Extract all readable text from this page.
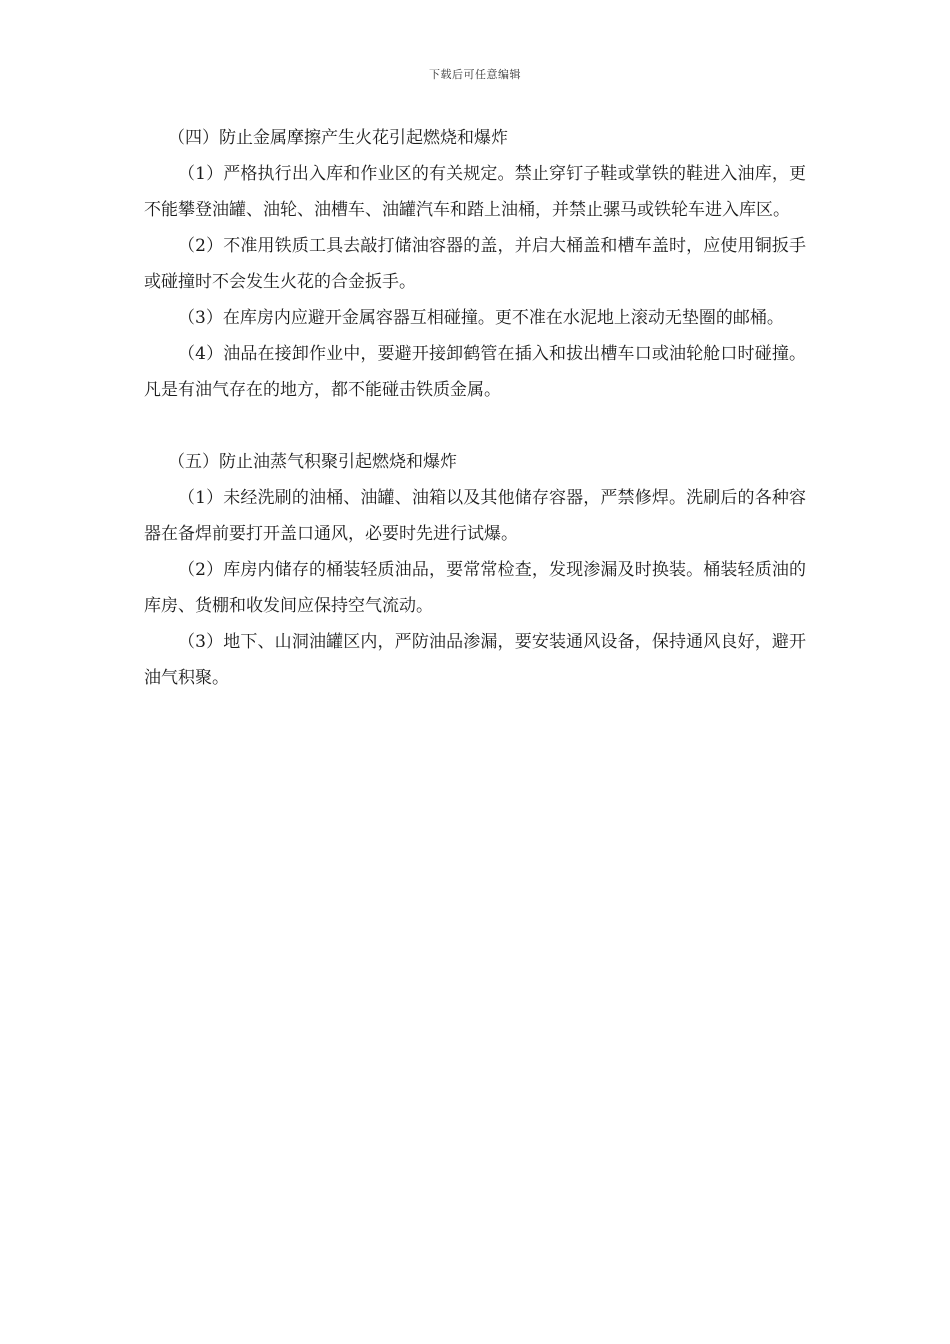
下载后可任意编辑

（四）防止金属摩擦产生火花引起燃烧和爆炸

（1）严格执行出入库和作业区的有关规定。禁止穿钉子鞋或掌铁的鞋进入油库，更不能攀登油罐、油轮、油槽车、油罐汽车和踏上油桶，并禁止骡马或铁轮车进入库区。

（2）不准用铁质工具去敲打储油容器的盖，并启大桶盖和槽车盖时，应使用铜扳手或碰撞时不会发生火花的合金扳手。

（3）在库房内应避开金属容器互相碰撞。更不准在水泥地上滚动无垫圈的邮桶。

（4）油品在接卸作业中，要避开接卸鹤管在插入和拔出槽车口或油轮舱口时碰撞。凡是有油气存在的地方，都不能碰击铁质金属。

（五）防止油蒸气积聚引起燃烧和爆炸

（1）未经洗刷的油桶、油罐、油箱以及其他储存容器，严禁修焊。洗刷后的各种容器在备焊前要打开盖口通风，必要时先进行试爆。

（2）库房内储存的桶装轻质油品，要常常检查，发现渗漏及时换装。桶装轻质油的库房、货棚和收发间应保持空气流动。

（3）地下、山洞油罐区内，严防油品渗漏，要安装通风设备，保持通风良好，避开油气积聚。
